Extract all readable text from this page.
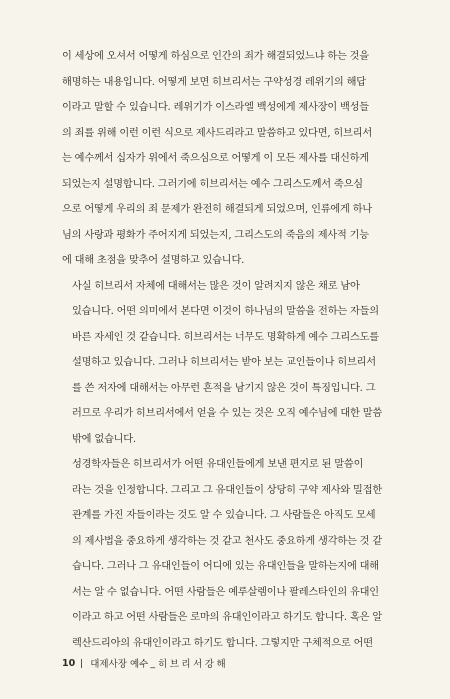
이 세상에 오셔서 어떻게 하심으로 인간의 죄가 해결되었느냐 하는 것을
해명하는 내용입니다. 어떻게 보면 히브리서는 구약성경 레위기의 해답
이라고 말할 수 있습니다. 레위기가 이스라엘 백성에게 제사장이 백성들
의 죄를 위해 이런 이런 식으로 제사드리라고 말씀하고 있다면, 히브리서
는 예수께서 십자가 위에서 죽으심으로 어떻게 이 모든 제사를 대신하게
되었는지 설명합니다. 그러기에 히브리서는 예수 그리스도께서 죽으심
으로 어떻게 우리의 죄 문제가 완전히 해결되게 되었으며, 인류에게 하나
님의 사랑과 평화가 주어지게 되었는지, 그리스도의 죽음의 제사적 기능
에 대해 초점을 맞추어 설명하고 있습니다.

사실 히브리서 자체에 대해서는 많은 것이 알려지지 않은 채로 남아
있습니다. 어떤 의미에서 본다면 이것이 하나님의 말씀을 전하는 자들의
바른 자세인 것 같습니다. 히브리서는 너무도 명확하게 예수 그리스도를
설명하고 있습니다. 그러나 히브리서는 받아 보는 교인들이나 히브리서
를 쓴 저자에 대해서는 아무런 흔적을 남기지 않은 것이 특징입니다. 그
러므로 우리가 히브리서에서 얻을 수 있는 것은 오직 예수님에 대한 말씀
밖에 없습니다.

성경학자들은 히브리서가 어떤 유대인들에게 보낸 편지로 된 말씀이
라는 것을 인정합니다. 그리고 그 유대인들이 상당히 구약 제사와 밀접한
관계를 가진 자들이라는 것도 알 수 있습니다. 그 사람들은 아직도 모세
의 제사법을 중요하게 생각하는 것 같고 천사도 중요하게 생각하는 것 같
습니다. 그러나 그 유대인들이 어디에 있는 유대인들을 말하는지에 대해
서는 알 수 없습니다. 어떤 사람들은 예루살렘이나 팔레스타인의 유대인
이라고 하고 어떤 사람들은 로마의 유대인이라고 하기도 합니다. 혹은 알
렉산드리아의 유대인이라고 하기도 합니다. 그렇지만 구체적으로 어떤

10 대제사장 예수 _ 히브리서강해
